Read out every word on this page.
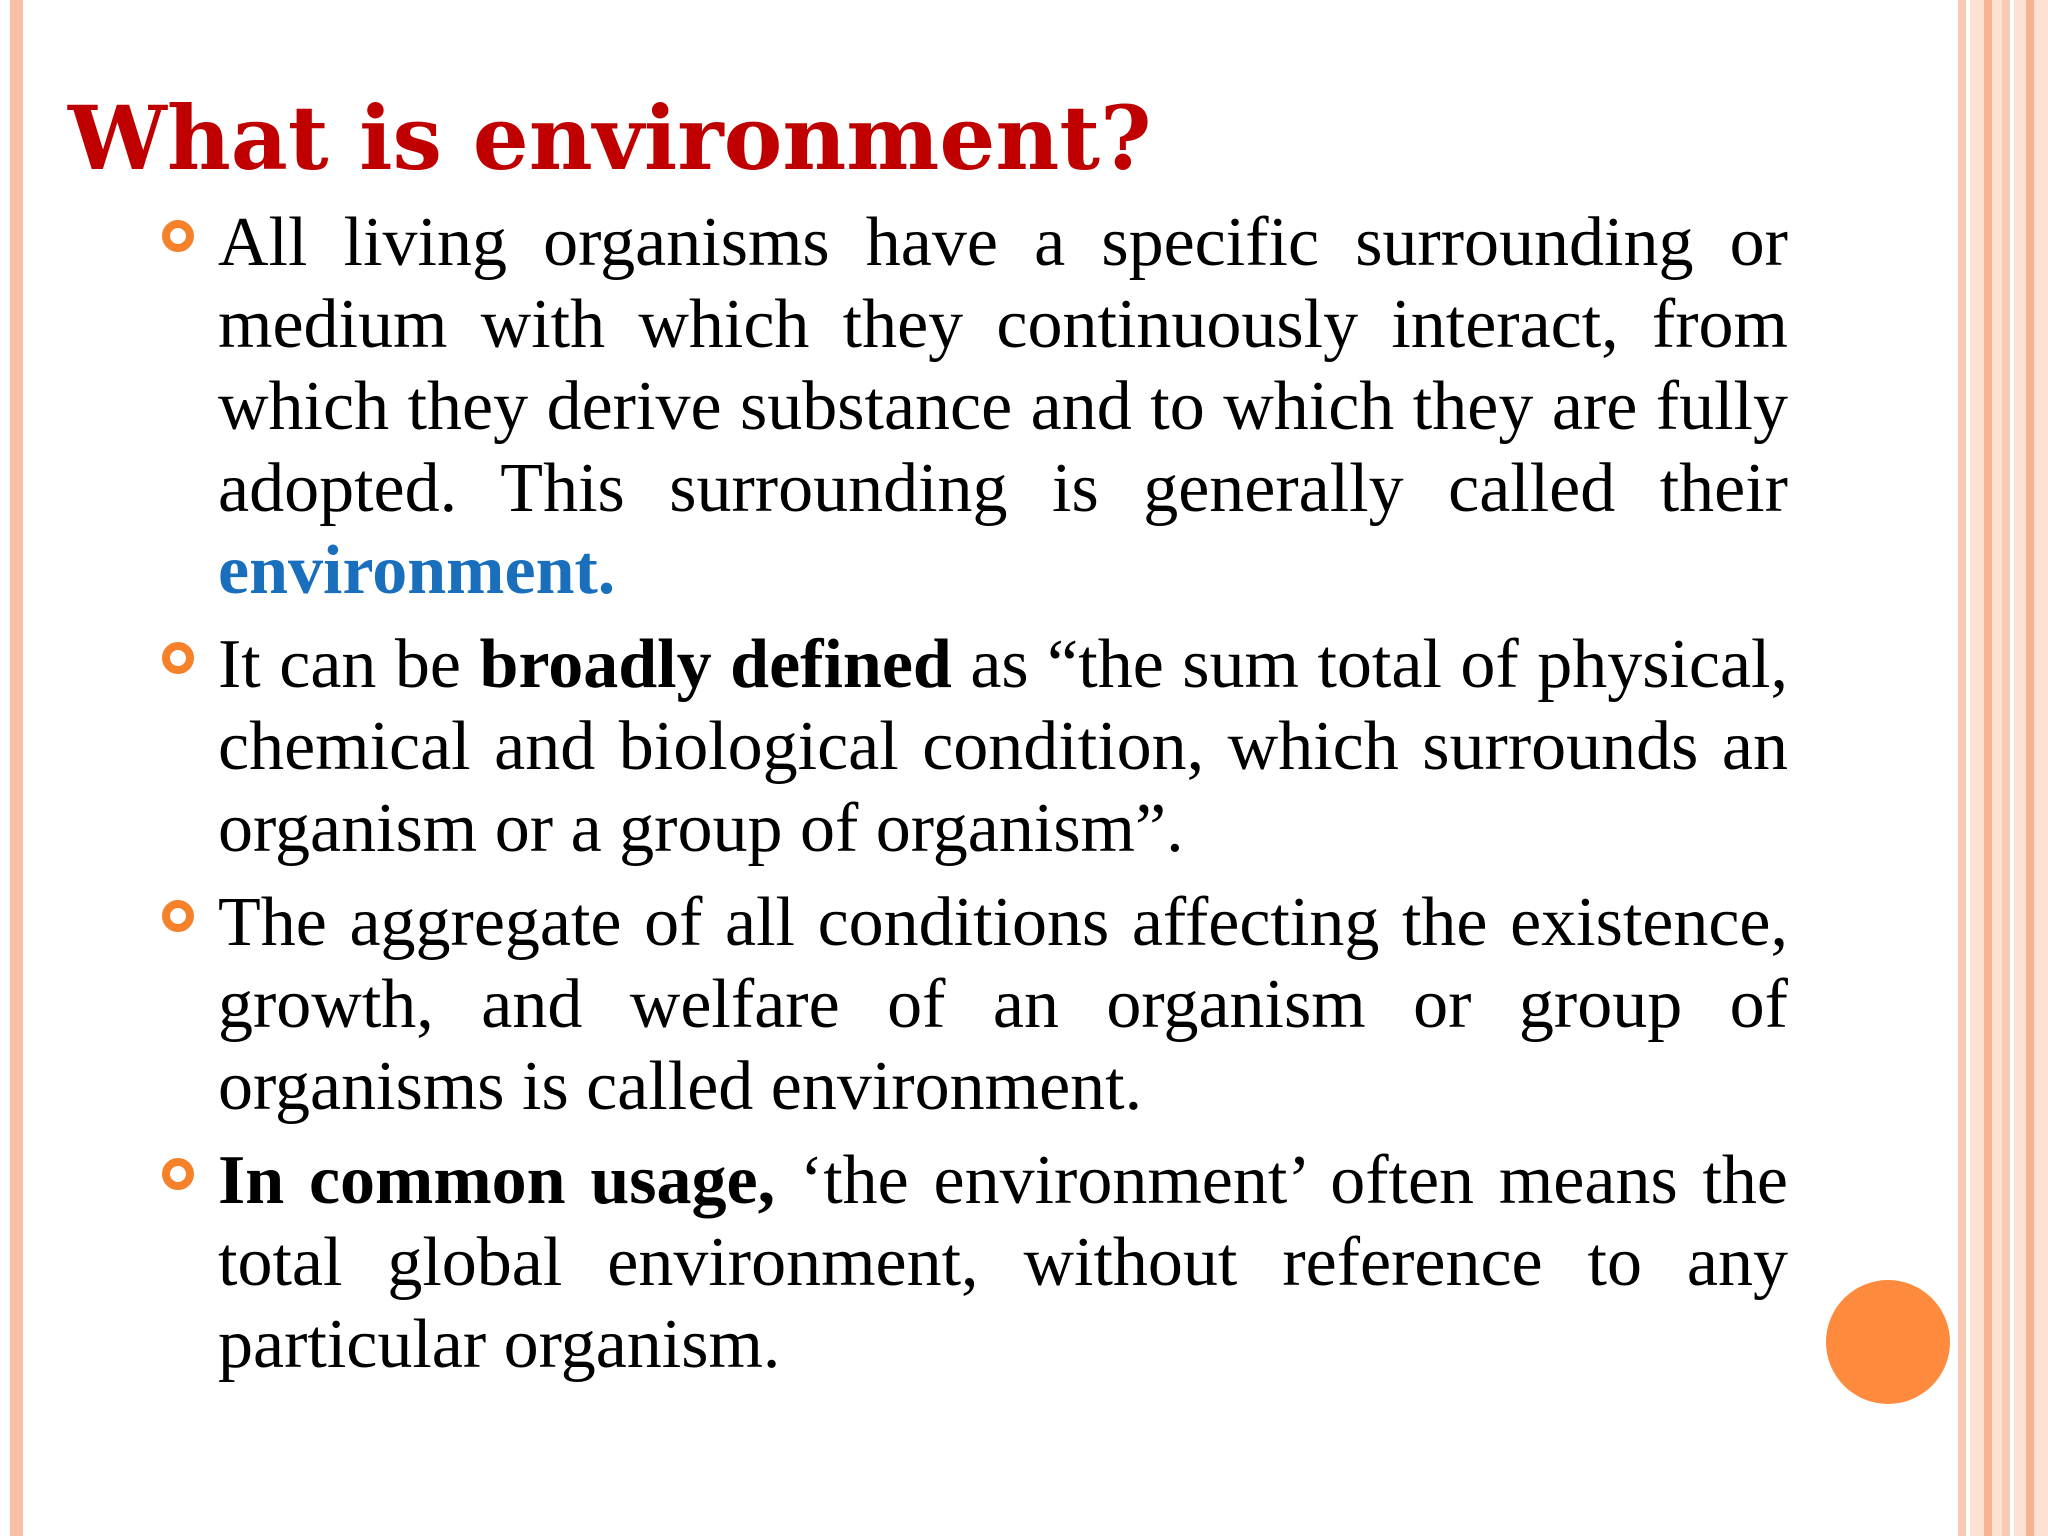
What is environment?
All living organisms have a specific surrounding or medium with which they continuously interact, from which they derive substance and to which they are fully adopted. This surrounding is generally called their environment.
It can be broadly defined as “the sum total of physical, chemical and biological condition, which surrounds an organism or a group of organism”.
The aggregate of all conditions affecting the existence, growth, and welfare of an organism or group of organisms is called environment.
In common usage, ‘the environment’ often means the total global environment, without reference to any particular organism.
